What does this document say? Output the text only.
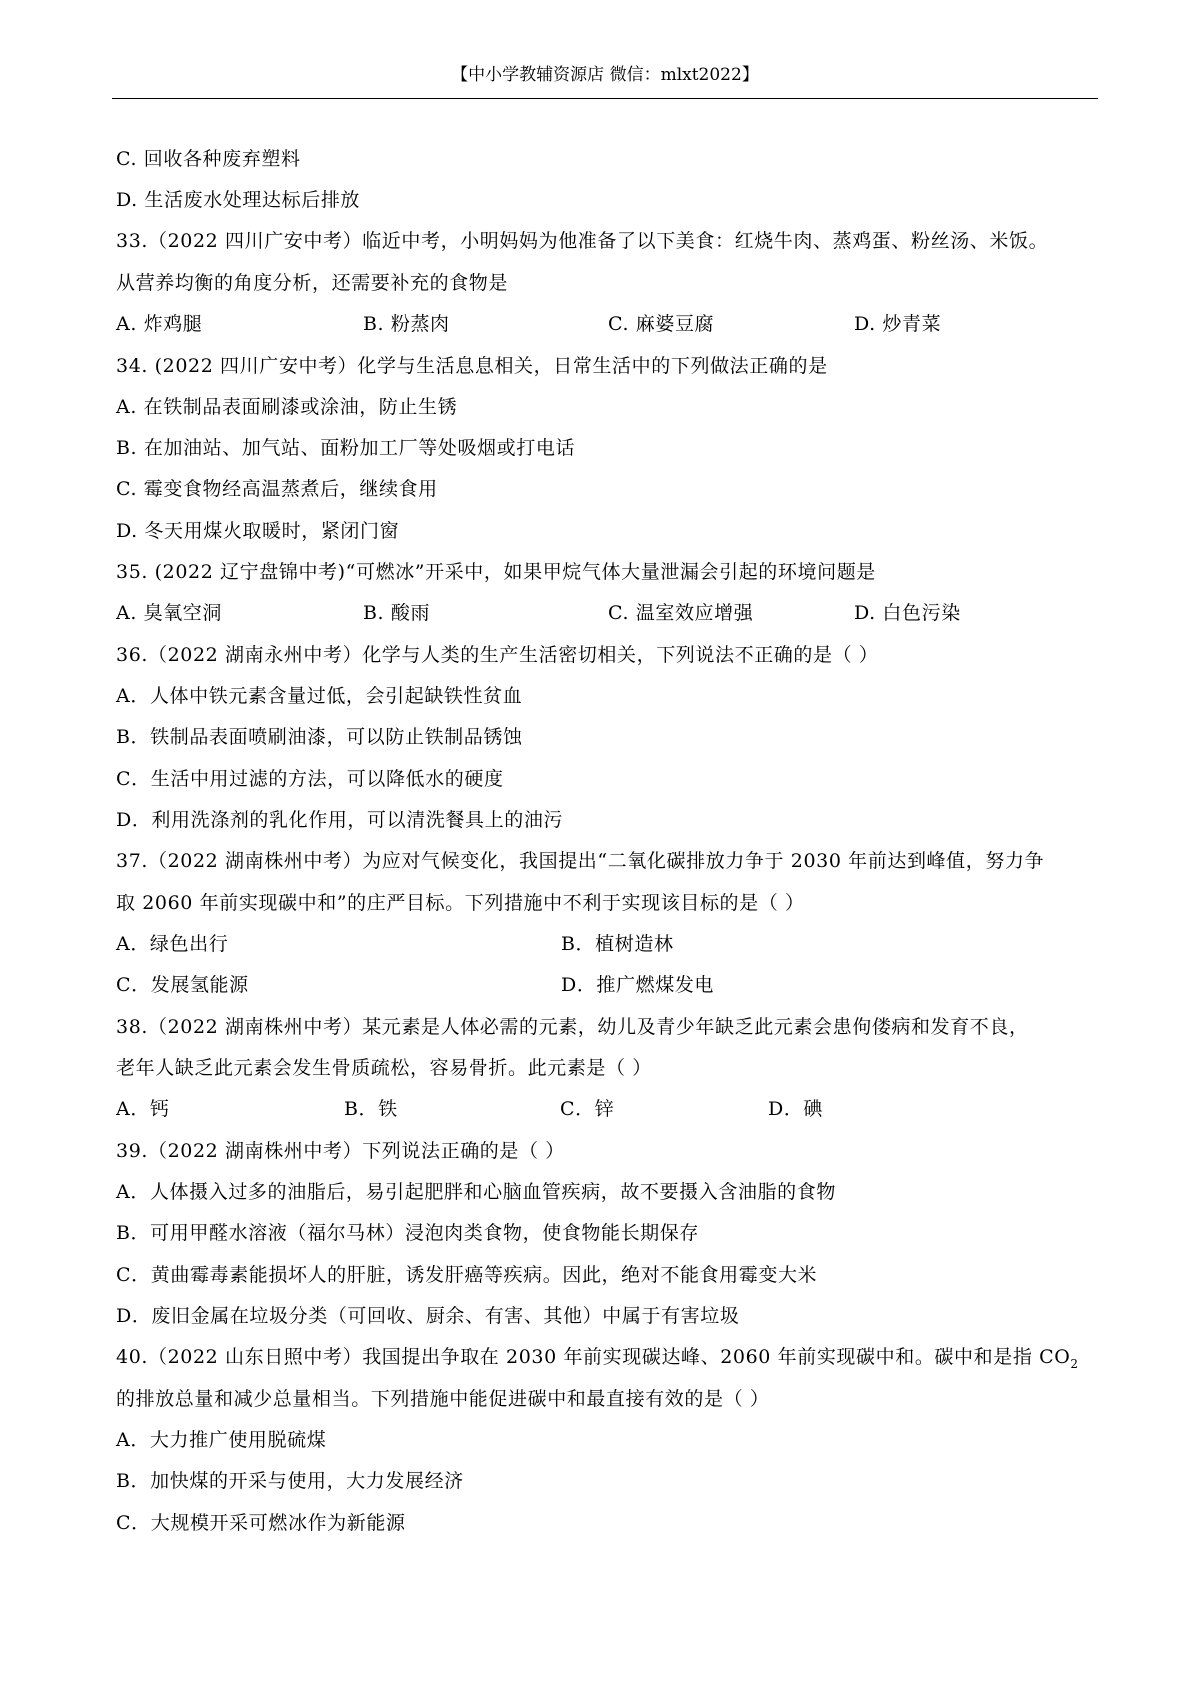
【中小学教辅资源店 微信：mlxt2022】
C. 回收各种废弃塑料
D. 生活废水处理达标后排放
33.（2022 四川广安中考）临近中考，小明妈妈为他准备了以下美食：红烧牛肉、蒸鸡蛋、粉丝汤、米饭。
从营养均衡的角度分析，还需要补充的食物是
A. 炸鸡腿	B. 粉蒸肉	C. 麻婆豆腐	D. 炒青菜
34. (2022 四川广安中考）化学与生活息息相关，日常生活中的下列做法正确的是
A. 在铁制品表面刷漆或涂油，防止生锈
B. 在加油站、加气站、面粉加工厂等处吸烟或打电话
C. 霉变食物经高温蒸煮后，继续食用
D. 冬天用煤火取暖时，紧闭门窗
35. (2022 辽宁盘锦中考)“可燃冰”开采中，如果甲烷气体大量泄漏会引起的环境问题是
A. 臭氧空洞	B. 酸雨	C. 温室效应增强	D. 白色污染
36.（2022 湖南永州中考）化学与人类的生产生活密切相关，下列说法不正确的是（ ）
A．人体中铁元素含量过低，会引起缺铁性贫血
B．铁制品表面喷刷油漆，可以防止铁制品锈蚀
C．生活中用过滤的方法，可以降低水的硬度
D．利用洗涤剂的乳化作用，可以清洗餐具上的油污
37.（2022 湖南株州中考）为应对气候变化，我国提出“二氧化碳排放力争于 2030 年前达到峰值，努力争
取 2060 年前实现碳中和”的庄严目标。下列措施中不利于实现该目标的是（ ）
A．绿色出行	B．植树造林
C．发展氢能源	D．推广燃煤发电
38.（2022 湖南株州中考）某元素是人体必需的元素，幼儿及青少年缺乏此元素会患佝偻病和发育不良，
老年人缺乏此元素会发生骨质疏松，容易骨折。此元素是（ ）
A．钙	B．铁	C．锌	D．碘
39.（2022 湖南株州中考）下列说法正确的是（ ）
A．人体摄入过多的油脂后，易引起肥胖和心脑血管疾病，故不要摄入含油脂的食物
B．可用甲醛水溶液（福尔马林）浸泡肉类食物，使食物能长期保存
C．黄曲霉毒素能损坏人的肝脏，诱发肝癌等疾病。因此，绝对不能食用霉变大米
D．废旧金属在垃圾分类（可回收、厨余、有害、其他）中属于有害垃圾
40.（2022 山东日照中考）我国提出争取在 2030 年前实现碳达峰、2060 年前实现碳中和。碳中和是指 $CO_2$
的排放总量和减少总量相当。下列措施中能促进碳中和最直接有效的是（ ）
A．大力推广使用脱硫煤
B．加快煤的开采与使用，大力发展经济
C．大规模开采可燃冰作为新能源
